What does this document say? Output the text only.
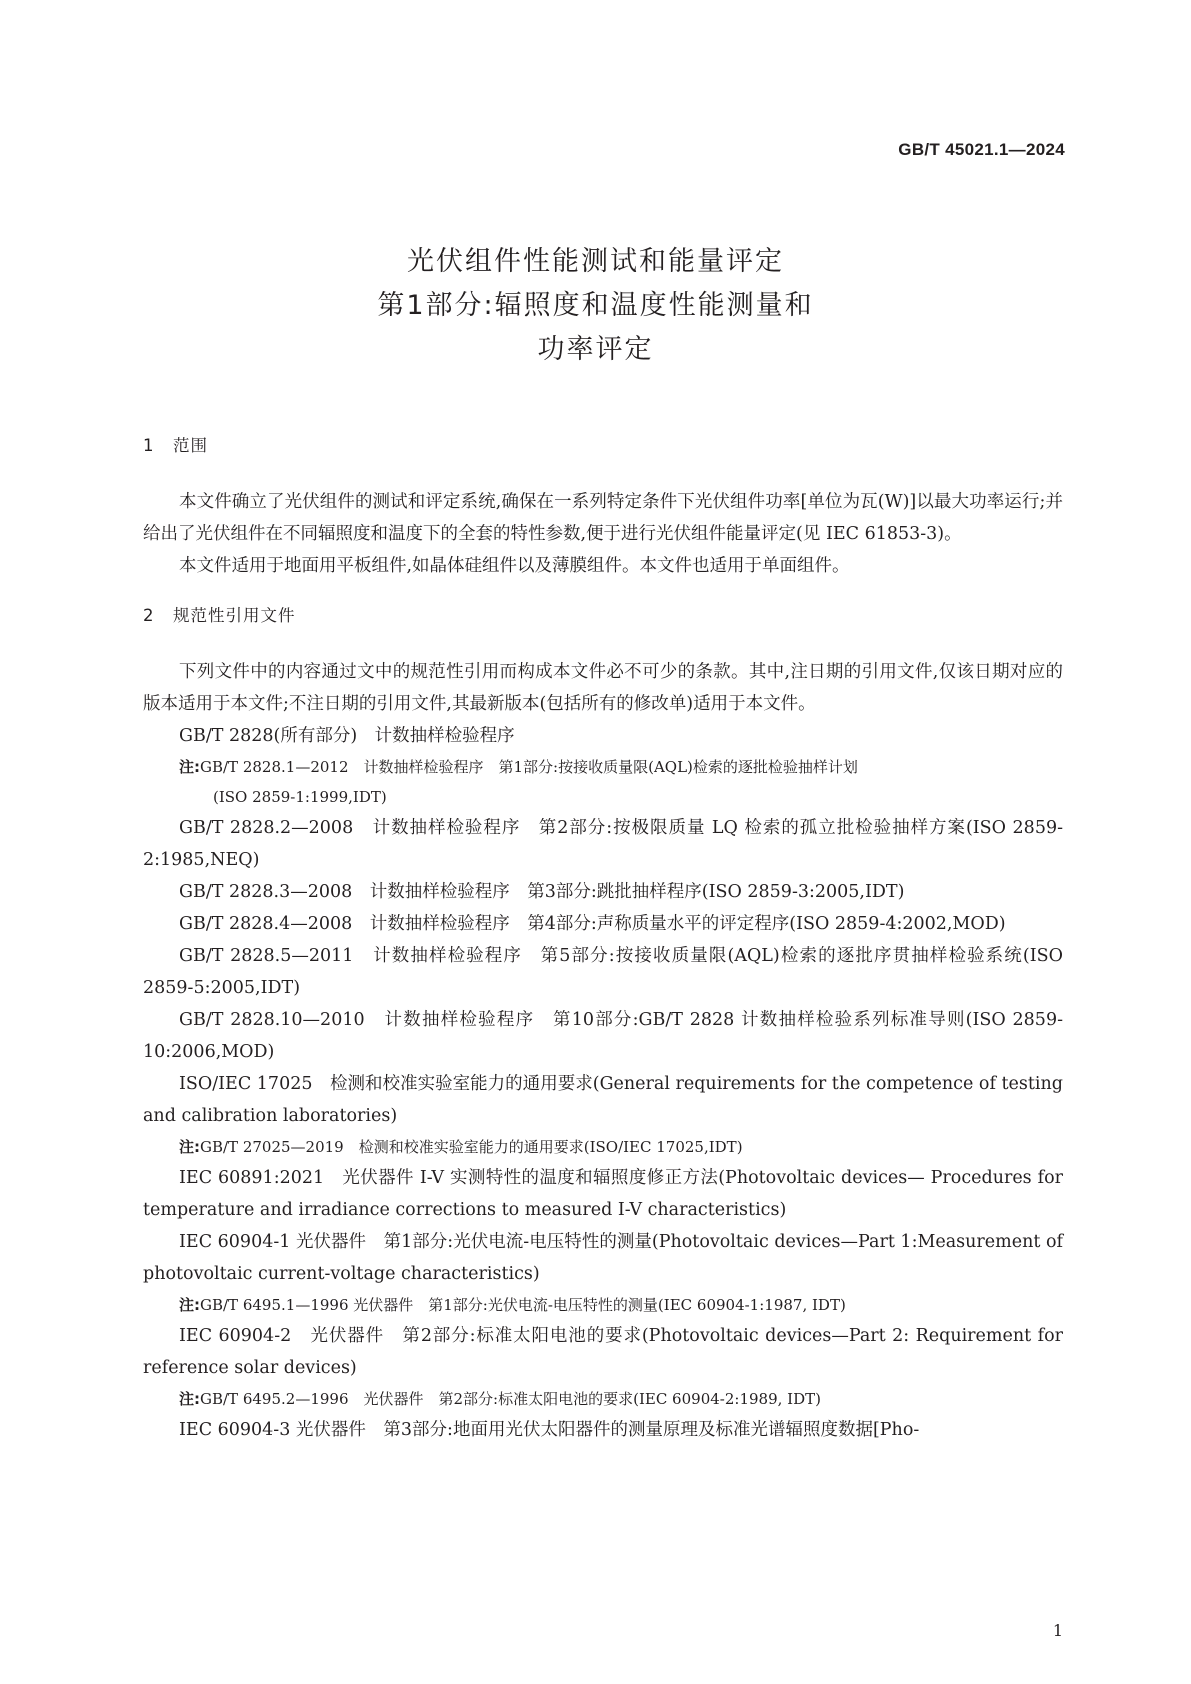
GB/T 45021.1—2024
光伏组件性能测试和能量评定
第1部分:辐照度和温度性能测量和
功率评定
1 范围
本文件确立了光伏组件的测试和评定系统,确保在一系列特定条件下光伏组件功率[单位为瓦(W)]以最大功率运行;并给出了光伏组件在不同辐照度和温度下的全套的特性参数,便于进行光伏组件能量评定(见 IEC 61853-3)。
本文件适用于地面用平板组件,如晶体硅组件以及薄膜组件。本文件也适用于单面组件。
2 规范性引用文件
下列文件中的内容通过文中的规范性引用而构成本文件必不可少的条款。其中,注日期的引用文件,仅该日期对应的版本适用于本文件;不注日期的引用文件,其最新版本(包括所有的修改单)适用于本文件。
GB/T 2828(所有部分)　计数抽样检验程序
注:GB/T 2828.1—2012　计数抽样检验程序　第1部分:按接收质量限(AQL)检索的逐批检验抽样计划
(ISO 2859-1:1999,IDT)
GB/T 2828.2—2008　计数抽样检验程序　第2部分:按极限质量 LQ 检索的孤立批检验抽样方案(ISO 2859-2:1985,NEQ)
GB/T 2828.3—2008　计数抽样检验程序　第3部分:跳批抽样程序(ISO 2859-3:2005,IDT)
GB/T 2828.4—2008　计数抽样检验程序　第4部分:声称质量水平的评定程序(ISO 2859-4:2002,MOD)
GB/T 2828.5—2011　计数抽样检验程序　第5部分:按接收质量限(AQL)检索的逐批序贯抽样检验系统(ISO 2859-5:2005,IDT)
GB/T 2828.10—2010　计数抽样检验程序　第10部分:GB/T 2828 计数抽样检验系列标准导则(ISO 2859-10:2006,MOD)
ISO/IEC 17025　检测和校准实验室能力的通用要求(General requirements for the competence of testing and calibration laboratories)
注:GB/T 27025—2019　检测和校准实验室能力的通用要求(ISO/IEC 17025,IDT)
IEC 60891:2021　光伏器件 I-V 实测特性的温度和辐照度修正方法(Photovoltaic devices— Procedures for temperature and irradiance corrections to measured I-V characteristics)
IEC 60904-1 光伏器件　第1部分:光伏电流-电压特性的测量(Photovoltaic devices—Part 1:Measurement of photovoltaic current-voltage characteristics)
注:GB/T 6495.1—1996 光伏器件　第1部分:光伏电流-电压特性的测量(IEC 60904-1:1987, IDT)
IEC 60904-2　光伏器件　第2部分:标准太阳电池的要求(Photovoltaic devices—Part 2: Requirement for reference solar devices)
注:GB/T 6495.2—1996　光伏器件　第2部分:标准太阳电池的要求(IEC 60904-2:1989, IDT)
IEC 60904-3 光伏器件　第3部分:地面用光伏太阳器件的测量原理及标准光谱辐照度数据[Pho-
1
